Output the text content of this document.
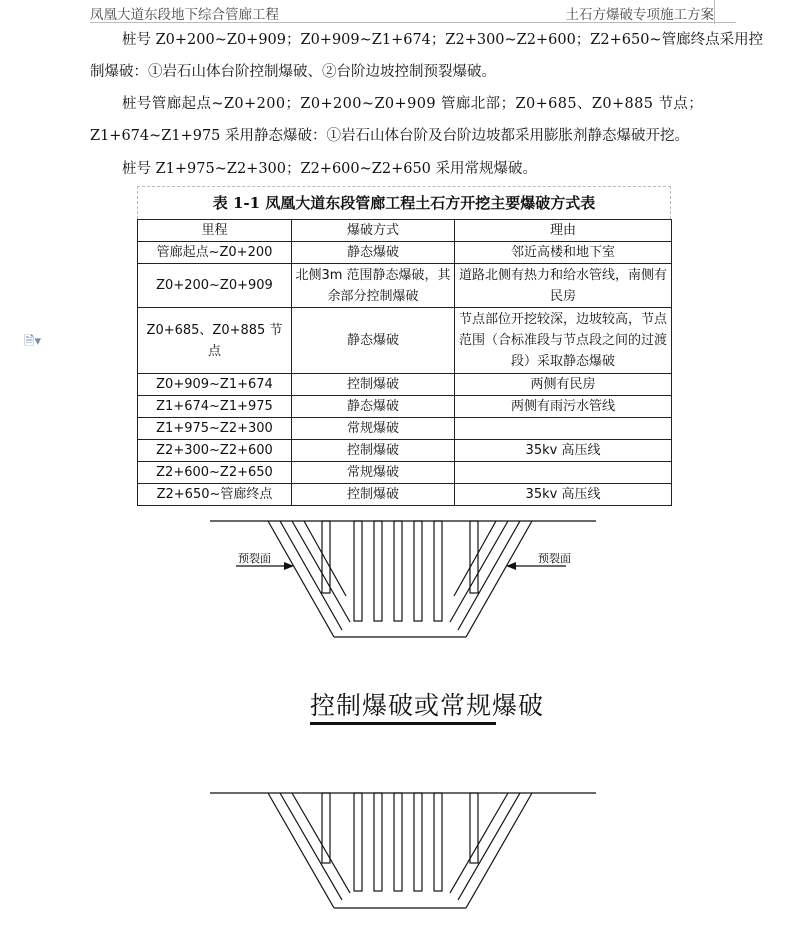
凤凰大道东段地下综合管廊工程	土石方爆破专项施工方案
桩号 Z0+200~Z0+909；Z0+909~Z1+674；Z2+300~Z2+600；Z2+650~管廊终点采用控
制爆破：①岩石山体台阶控制爆破、②台阶边坡控制预裂爆破。
桩号管廊起点~Z0+200；Z0+200~Z0+909 管廊北部；Z0+685、Z0+885 节点；
Z1+674~Z1+975 采用静态爆破：①岩石山体台阶及台阶边坡都采用膨胀剂静态爆破开挖。
桩号 Z1+975~Z2+300；Z2+600~Z2+650 采用常规爆破。
🗎▾
表 1-1 凤凰大道东段管廊工程土石方开挖主要爆破方式表
里程	爆破方式	理由
管廊起点~Z0+200	静态爆破	邻近高楼和地下室
Z0+200~Z0+909	北侧3m 范围静态爆破，其余部分控制爆破	道路北侧有热力和给水管线，南侧有民房
Z0+685、Z0+885 节点	静态爆破	节点部位开挖较深，边坡较高，节点范围（合标准段与节点段之间的过渡段）采取静态爆破
Z0+909~Z1+674	控制爆破	两侧有民房
Z1+674~Z1+975	静态爆破	两侧有雨污水管线
Z1+975~Z2+300	常规爆破	
Z2+300~Z2+600	控制爆破	35kv 高压线
Z2+600~Z2+650	常规爆破	
Z2+650~管廊终点	控制爆破	35kv 高压线
预裂面	预裂面
控制爆破或常规爆破
